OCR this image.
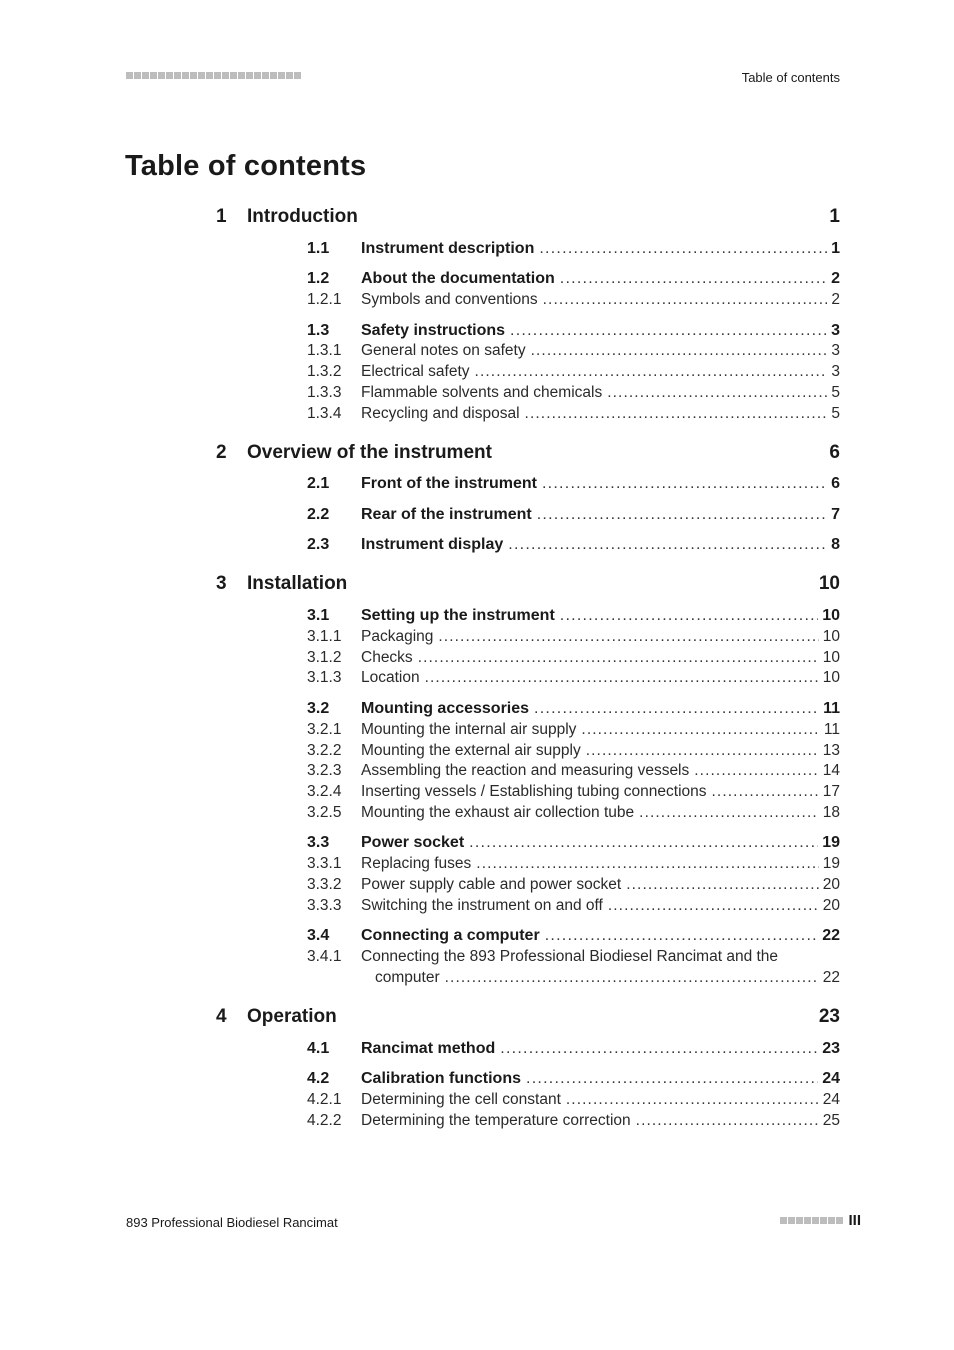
Table of contents
Table of contents
1	Introduction	1
1.1	Instrument description . . .	1
1.2	About the documentation . . .	2
1.2.1	Symbols and conventions . . .	2
1.3	Safety instructions . . .	3
1.3.1	General notes on safety . . .	3
1.3.2	Electrical safety . . .	3
1.3.3	Flammable solvents and chemicals . . .	5
1.3.4	Recycling and disposal . . .	5
2	Overview of the instrument	6
2.1	Front of the instrument . . .	6
2.2	Rear of the instrument . . .	7
2.3	Instrument display . . .	8
3	Installation	10
3.1	Setting up the instrument . . .	10
3.1.1	Packaging . . .	10
3.1.2	Checks . . .	10
3.1.3	Location . . .	10
3.2	Mounting accessories . . .	11
3.2.1	Mounting the internal air supply . . .	11
3.2.2	Mounting the external air supply . . .	13
3.2.3	Assembling the reaction and measuring vessels . . .	14
3.2.4	Inserting vessels / Establishing tubing connections . . .	17
3.2.5	Mounting the exhaust air collection tube . . .	18
3.3	Power socket . . .	19
3.3.1	Replacing fuses . . .	19
3.3.2	Power supply cable and power socket . . .	20
3.3.3	Switching the instrument on and off . . .	20
3.4	Connecting a computer . . .	22
3.4.1	Connecting the 893 Professional Biodiesel Rancimat and the
computer . . .	22
4	Operation	23
4.1	Rancimat method . . .	23
4.2	Calibration functions . . .	24
4.2.1	Determining the cell constant . . .	24
4.2.2	Determining the temperature correction . . .	25
893 Professional Biodiesel Rancimat	III
